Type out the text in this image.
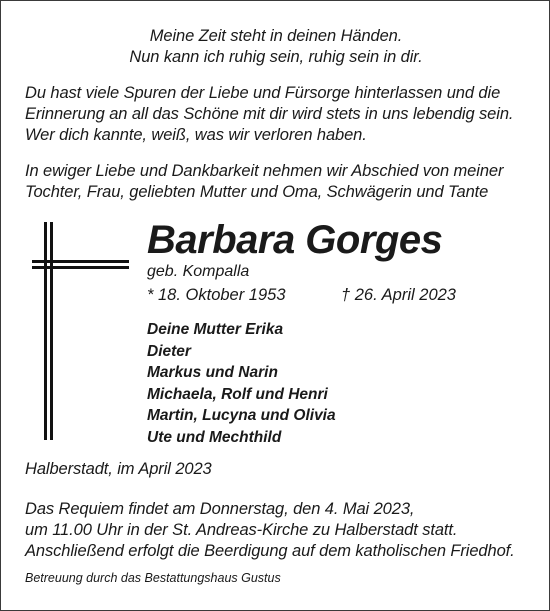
Meine Zeit steht in deinen Händen.
Nun kann ich ruhig sein, ruhig sein in dir.
Du hast viele Spuren der Liebe und Fürsorge hinterlassen und die
Erinnerung an all das Schöne mit dir wird stets in uns lebendig sein.
Wer dich kannte, weiß, was wir verloren haben.
In ewiger Liebe und Dankbarkeit nehmen wir Abschied von meiner
Tochter, Frau, geliebten Mutter und Oma, Schwägerin und Tante
Barbara Gorges
geb. Kompalla
* 18. Oktober 1953	† 26. April 2023
Deine Mutter Erika
Dieter
Markus und Narin
Michaela, Rolf und Henri
Martin, Lucyna und Olivia
Ute und Mechthild
Halberstadt, im April 2023
Das Requiem findet am Donnerstag, den 4. Mai 2023,
um 11.00 Uhr in der St. Andreas-Kirche zu Halberstadt statt.
Anschließend erfolgt die Beerdigung auf dem katholischen Friedhof.
Betreuung durch das Bestattungshaus Gustus
